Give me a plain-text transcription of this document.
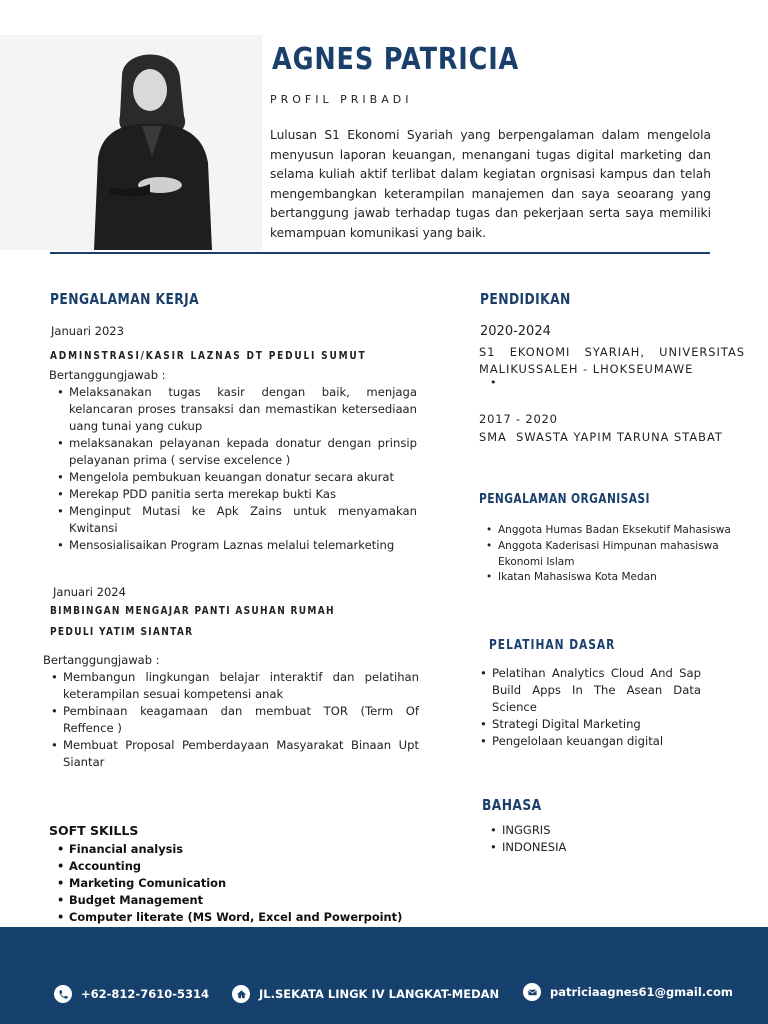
AGNES PATRICIA
PROFIL PRIBADI
Lulusan S1 Ekonomi Syariah yang berpengalaman dalam mengelola menyusun laporan keuangan, menangani tugas digital marketing dan selama kuliah aktif terlibat dalam kegiatan orgnisasi kampus dan telah mengembangkan keterampilan manajemen dan saya seoarang yang bertanggung jawab terhadap tugas dan pekerjaan serta saya memiliki kemampuan komunikasi yang baik.
PENGALAMAN KERJA
Januari 2023
ADMINSTRASI/KASIR LAZNAS DT PEDULI SUMUT
Bertanggungjawab :
• Melaksanakan tugas kasir dengan baik, menjaga kelancaran proses transaksi dan memastikan ketersediaan uang tunai yang cukup
• melaksanakan pelayanan kepada donatur dengan prinsip pelayanan prima ( servise excelence )
• Mengelola pembukuan keuangan donatur secara akurat
• Merekap PDD panitia serta merekap bukti Kas
• Menginput Mutasi ke Apk Zains untuk menyamakan Kwitansi
• Mensosialisaikan Program Laznas melalui telemarketing
Januari 2024
BIMBINGAN MENGAJAR PANTI ASUHAN RUMAH
PEDULI YATIM SIANTAR
Bertanggungjawab :
• Membangun lingkungan belajar interaktif dan pelatihan keterampilan sesuai kompetensi anak
• Pembinaan keagamaan dan membuat TOR (Term Of Reffence )
• Membuat Proposal Pemberdayaan Masyarakat Binaan Upt Siantar
SOFT SKILLS
• Financial analysis
• Accounting
• Marketing Comunication
• Budget Management
• Computer literate (MS Word, Excel and Powerpoint)
PENDIDIKAN
2020-2024
S1 EKONOMI SYARIAH, UNIVERSITAS MALIKUSSALEH - LHOKSEUMAWE
•
2017 - 2020
SMA  SWASTA YAPIM TARUNA STABAT
PENGALAMAN ORGANISASI
• Anggota Humas Badan Eksekutif Mahasiswa
• Anggota Kaderisasi Himpunan mahasiswa Ekonomi Islam
• Ikatan Mahasiswa Kota Medan
PELATIHAN DASAR
• Pelatihan Analytics Cloud And Sap Build Apps In The Asean Data Science
• Strategi Digital Marketing
• Pengelolaan keuangan digital
BAHASA
• INGGRIS
• INDONESIA
+62-812-7610-5314	JL.SEKATA LINGK IV LANGKAT-MEDAN	patriciaagnes61@gmail.com
